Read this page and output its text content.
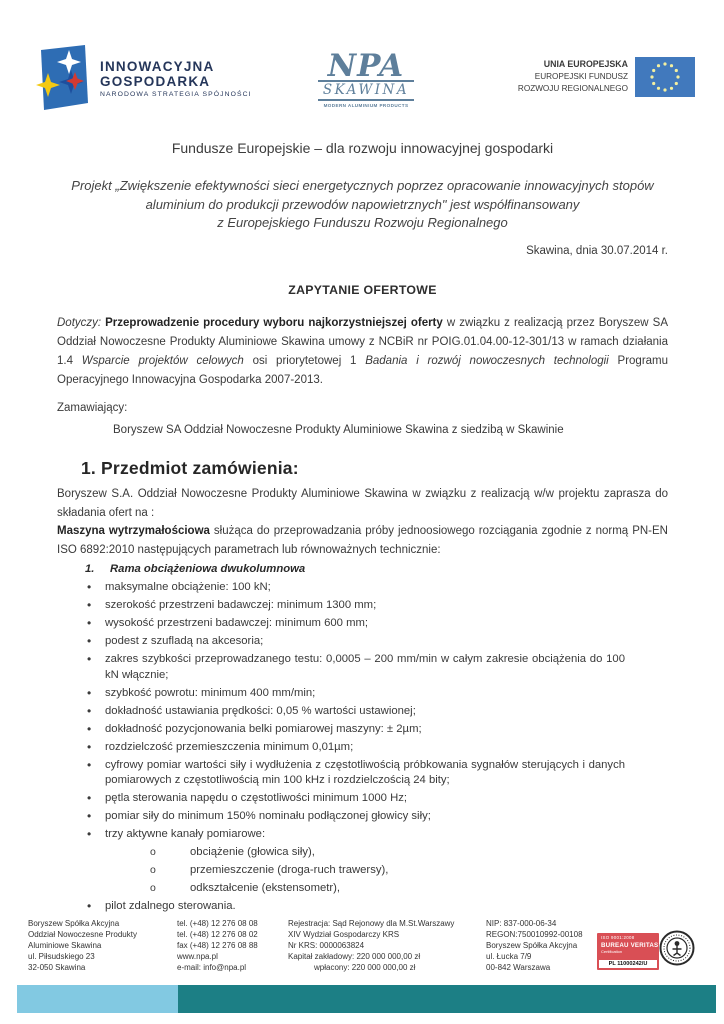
INNOWACYJNA
GOSPODARKA
NARODOWA STRATEGIA SPÓJNOŚCI
NPA
SKAWINA
MODERN ALUMINIUM PRODUCTS
UNIA EUROPEJSKA
EUROPEJSKI FUNDUSZ
ROZWOJU REGIONALNEGO
Fundusze Europejskie – dla rozwoju innowacyjnej gospodarki
Projekt „Zwiększenie efektywności sieci energetycznych poprzez opracowanie innowacyjnych stopów
aluminium do produkcji przewodów napowietrznych" jest współfinansowany
z Europejskiego Funduszu Rozwoju Regionalnego
Skawina, dnia 30.07.2014 r.
ZAPYTANIE OFERTOWE

Dotyczy: Przeprowadzenie procedury wyboru najkorzystniejszej oferty w związku z realizacją przez Boryszew SA Oddział Nowoczesne Produkty Aluminiowe Skawina umowy z NCBiR nr POIG.01.04.00-12-301/13 w ramach działania 1.4 Wsparcie projektów celowych osi priorytetowej 1 Badania i rozwój nowoczesnych technologii Programu Operacyjnego Innowacyjna Gospodarka 2007-2013.

Zamawiający:
Boryszew SA Oddział Nowoczesne Produkty Aluminiowe Skawina z siedzibą w Skawinie
1. Przedmiot zamówienia:

Boryszew S.A. Oddział Nowoczesne Produkty Aluminiowe Skawina w związku z realizacją w/w projektu zaprasza do składania ofert na :

Maszyna wytrzymałościowa służąca do przeprowadzania próby jednoosiowego rozciągania zgodnie z normą PN-EN ISO 6892:2010 następujących parametrach lub równoważnych technicznie:

1. Rama obciążeniowa dwukolumnowa
• maksymalne obciążenie: 100 kN;
• szerokość przestrzeni badawczej: minimum 1300 mm;
• wysokość przestrzeni badawczej: minimum 600 mm;
• podest z szufladą na akcesoria;
• zakres szybkości przeprowadzanego testu: 0,0005 – 200 mm/min w całym zakresie obciążenia do 100 kN włącznie;
• szybkość powrotu: minimum 400 mm/min;
• dokładność ustawiania prędkości: 0,05 % wartości ustawionej;
• dokładność pozycjonowania belki pomiarowej maszyny: ± 2µm;
• rozdzielczość przemieszczenia minimum 0,01µm;
• cyfrowy pomiar wartości siły i wydłużenia z częstotliwością próbkowania sygnałów sterujących i danych pomiarowych z częstotliwością min 100 kHz i rozdzielczością 24 bity;
• pętla sterowania napędu o częstotliwości minimum 1000 Hz;
• pomiar siły do minimum 150% nominału podłączonej głowicy siły;
• trzy aktywne kanały pomiarowe:
o obciążenie (głowica siły),
o przemieszczenie (droga-ruch trawersy),
o odkształcenie (ekstensometr),
• pilot zdalnego sterowania.
Boryszew Spółka Akcyjna
Oddział Nowoczesne Produkty
Aluminiowe Skawina
ul. Piłsudskiego 23
32-050 Skawina
tel. (+48) 12 276 08 08
tel. (+48) 12 276 08 02
fax (+48) 12 276 08 88
www.npa.pl
e-mail: info@npa.pl
Rejestracja: Sąd Rejonowy dla M.St.Warszawy
XIV Wydział Gospodarczy KRS
Nr KRS: 0000063824
Kapitał zakładowy: 220 000 000,00 zł
wpłacony: 220 000 000,00 zł
NIP: 837-000-06-34
REGON:750010992-00108
Boryszew Spółka Akcyjna
ul. Łucka 7/9
00-842 Warszawa
ISO 9001:2008
BUREAU VERITAS
Certification
PL 11000242/U
